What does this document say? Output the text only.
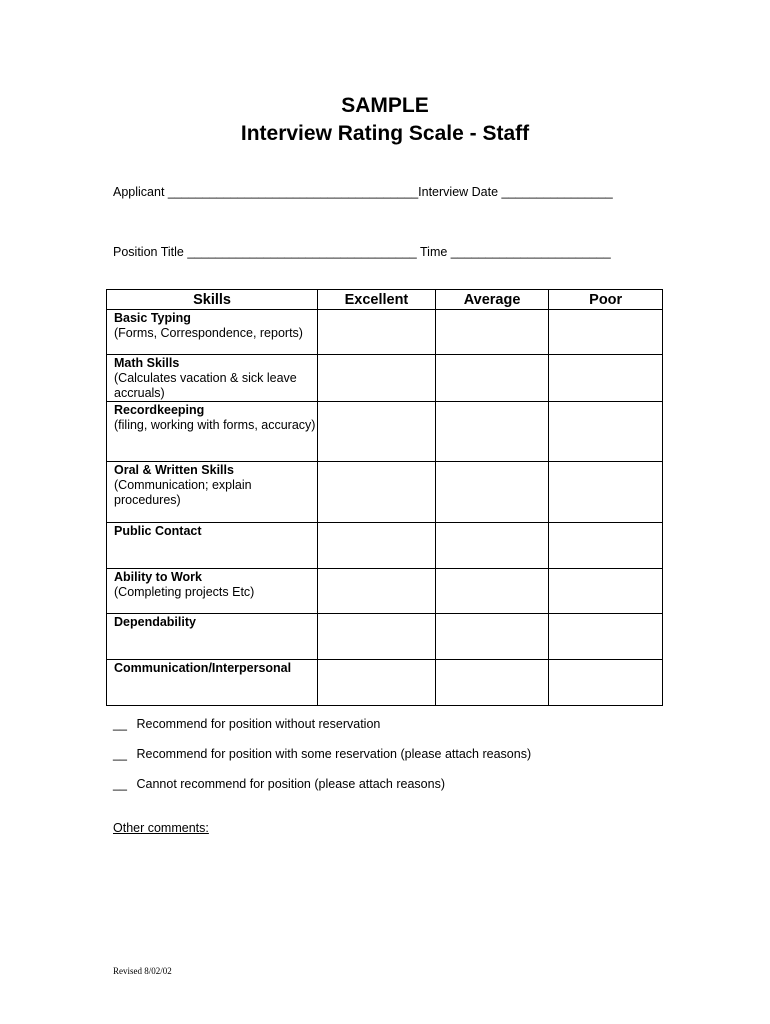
SAMPLE
Interview Rating Scale - Staff
Applicant ____________________________________Interview Date ________________
Position Title _________________________________ Time _______________________
Skills	Excellent	Average	Poor

Basic Typing
(Forms, Correspondence, reports)			

Math Skills
(Calculates vacation & sick leave accruals)			

Recordkeeping
(filing, working with forms, accuracy)			

Oral & Written Skills
(Communication; explain procedures)			

Public Contact			

Ability to Work
(Completing projects Etc)			

Dependability			

Communication/Interpersonal			

__ Recommend for position without reservation
__ Recommend for position with some reservation (please attach reasons)
__ Cannot recommend for position (please attach reasons)
Other comments:
Revised 8/02/02
